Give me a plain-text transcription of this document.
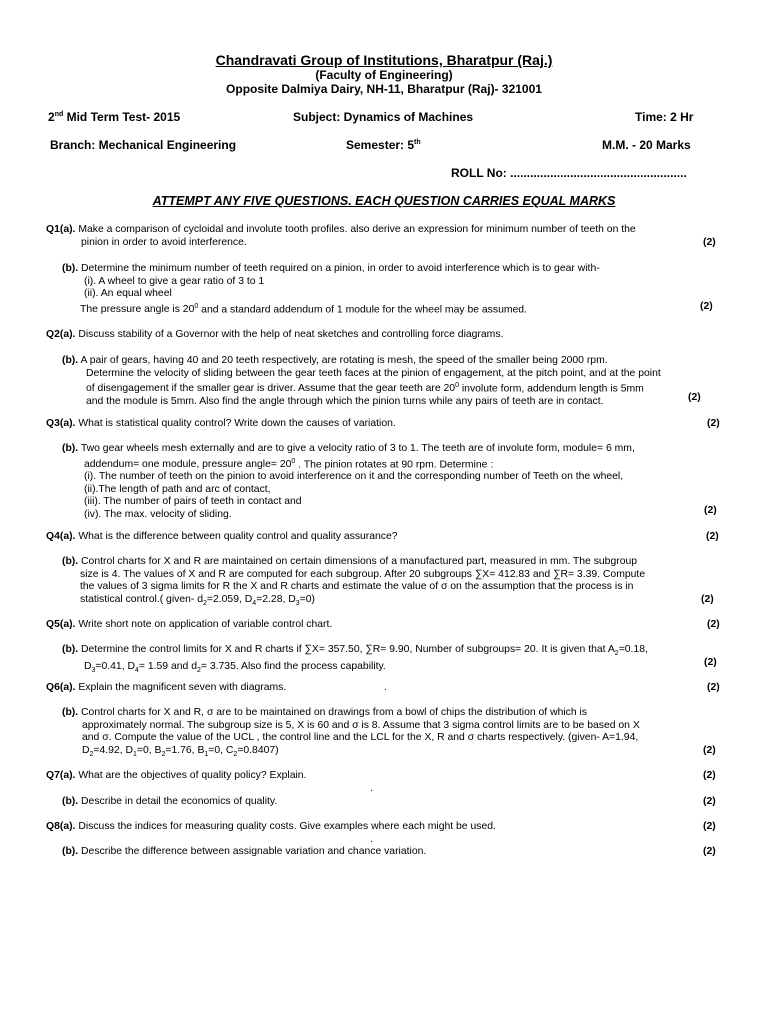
Chandravati Group of Institutions, Bharatpur (Raj.)
(Faculty of Engineering)
Opposite Dalmiya Dairy, NH-11, Bharatpur (Raj)- 321001
2nd Mid Term Test- 2015	Subject: Dynamics of Machines	Time: 2 Hr
Branch: Mechanical Engineering	Semester: 5th	M.M. - 20 Marks
ROLL No: .....................................................
ATTEMPT ANY FIVE QUESTIONS. EACH QUESTION CARRIES EQUAL MARKS
Q1(a). Make a comparison of cycloidal and involute tooth profiles. also derive an expression for minimum number of teeth on the
pinion in order to avoid interference.	(2)
(b). Determine the minimum number of teeth required on a pinion, in order to avoid interference which is to gear with-
(i). A wheel to give a gear ratio of 3 to 1
(ii). An equal wheel
The pressure angle is $20^0$ and a standard addendum of 1 module for the wheel may be assumed.	(2)
Q2(a). Discuss stability of a Governor with the help of neat sketches and controlling force diagrams.
(b). A pair of gears, having 40 and 20 teeth respectively, are rotating is mesh, the speed of the smaller being 2000 rpm.
Determine the velocity of sliding between the gear teeth faces at the pinion of engagement, at the pitch point, and at the point
of disengagement if the smaller gear is driver. Assume that the gear teeth are $20^0$ involute form, addendum length is 5mm
and the module is 5mm. Also find the angle through which the pinion turns while any pairs of teeth are in contact.	(2)
Q3(a). What is statistical quality control? Write down the causes of variation.	(2)
(b). Two gear wheels mesh externally and are to give a velocity ratio of 3 to 1. The teeth are of involute form, module= 6 mm,
addendum= one module, pressure angle= $20^0$ . The pinion rotates at 90 rpm. Determine :
(i). The number of teeth on the pinion to avoid interference on it and the corresponding number of Teeth on the wheel,
(ii).The length of path and arc of contact,
(iii). The number of pairs of teeth in contact and
(iv). The max. velocity of sliding.	(2)
Q4(a). What is the difference between quality control and quality assurance?	(2)
(b). Control charts for X and R are maintained on certain dimensions of a manufactured part, measured in mm. The subgroup
size is 4. The values of X and R are computed for each subgroup. After 20 subgroups ∑X= 412.83 and ∑R= 3.39. Compute
the values of 3 sigma limits for R the X and R charts and estimate the value of σ on the assumption that the process is in
statistical control.( given- $d_2=2.059$, $D_4=2.28$, $D_3=0$)	(2)
Q5(a). Write short note on application of variable control chart.	(2)
(b). Determine the control limits for X and R charts if ∑X= 357.50, ∑R= 9.90, Number of subgroups= 20. It is given that $A_2=0.18$,
$D_3=0.41$, $D_4= 1.59$ and $d_2= 3.735$. Also find the process capability.	(2)
Q6(a). Explain the magnificent seven with diagrams.	.	(2)
(b). Control charts for X and R, σ are to be maintained on drawings from a bowl of chips the distribution of which is
approximately normal. The subgroup size is 5, X is 60 and σ is 8. Assume that 3 sigma control limits are to be based on X
and σ. Compute the value of the UCL , the control line and the LCL for the X, R and σ charts respectively. (given- A=1.94,
$D_2=4.92$, $D_1=0$, $B_2=1.76$, $B_1=0$, $C_2=0.8407$)	(2)
Q7(a). What are the objectives of quality policy? Explain.	(2)
.
(b). Describe in detail the economics of quality.	(2)
Q8(a). Discuss the indices for measuring quality costs. Give examples where each might be used.	(2)
.
(b). Describe the difference between assignable variation and chance variation.	(2)
